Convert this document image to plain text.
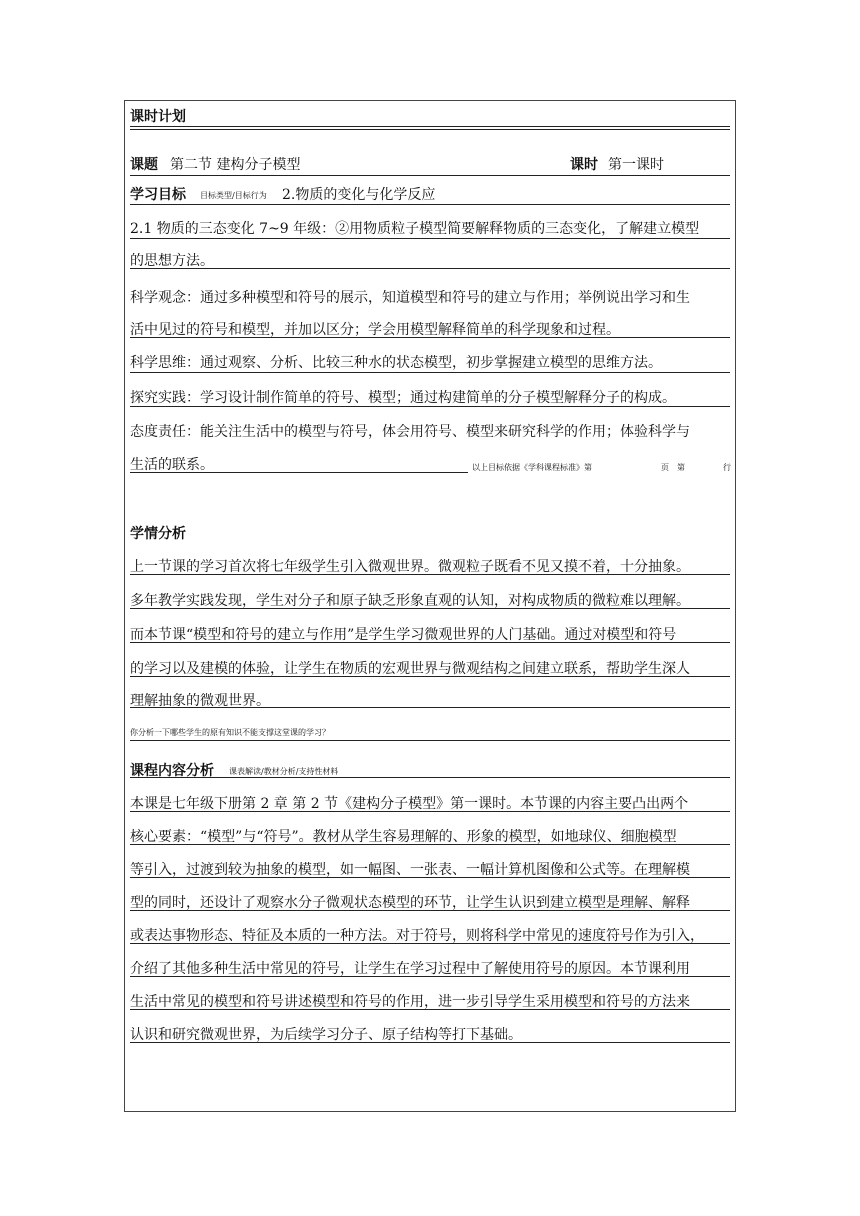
课时计划
课题 第二节 建构分子模型	课时 第一课时
学习目标 目标类型/目标行为 2.物质的变化与化学反应
2.1 物质的三态变化 7~9 年级：②用物质粒子模型简要解释物质的三态变化，了解建立模型
的思想方法。
科学观念：通过多种模型和符号的展示，知道模型和符号的建立与作用；举例说出学习和生
活中见过的符号和模型，并加以区分；学会用模型解释简单的科学现象和过程。
科学思维：通过观察、分析、比较三种水的状态模型，初步掌握建立模型的思维方法。
探究实践：学习设计制作简单的符号、模型；通过构建简单的分子模型解释分子的构成。
态度责任：能关注生活中的模型与符号，体会用符号、模型来研究科学的作用；体验科学与
生活的联系。	以上目标依据《学科课程标准》第	页 第	行
学情分析
上一节课的学习首次将七年级学生引入微观世界。微观粒子既看不见又摸不着，十分抽象。
多年教学实践发现，学生对分子和原子缺乏形象直观的认知，对构成物质的微粒难以理解。
而本节课“模型和符号的建立与作用”是学生学习微观世界的人门基础。通过对模型和符号
的学习以及建模的体验，让学生在物质的宏观世界与微观结构之间建立联系，帮助学生深人
理解抽象的微观世界。
你分析一下哪些学生的原有知识不能支撑这堂课的学习？
课程内容分析 课表解读/教材分析/支持性材料
本课是七年级下册第 2 章 第 2 节《建构分子模型》第一课时。本节课的内容主要凸出两个
核心要素：“模型”与“符号”。教材从学生容易理解的、形象的模型，如地球仪、细胞模型
等引入，过渡到较为抽象的模型，如一幅图、一张表、一幅计算机图像和公式等。在理解模
型的同时，还设计了观察水分子微观状态模型的环节，让学生认识到建立模型是理解、解释
或表达事物形态、特征及本质的一种方法。对于符号，则将科学中常见的速度符号作为引入，
介绍了其他多种生活中常见的符号，让学生在学习过程中了解使用符号的原因。本节课利用
生活中常见的模型和符号讲述模型和符号的作用，进一步引导学生采用模型和符号的方法来
认识和研究微观世界，为后续学习分子、原子结构等打下基础。
